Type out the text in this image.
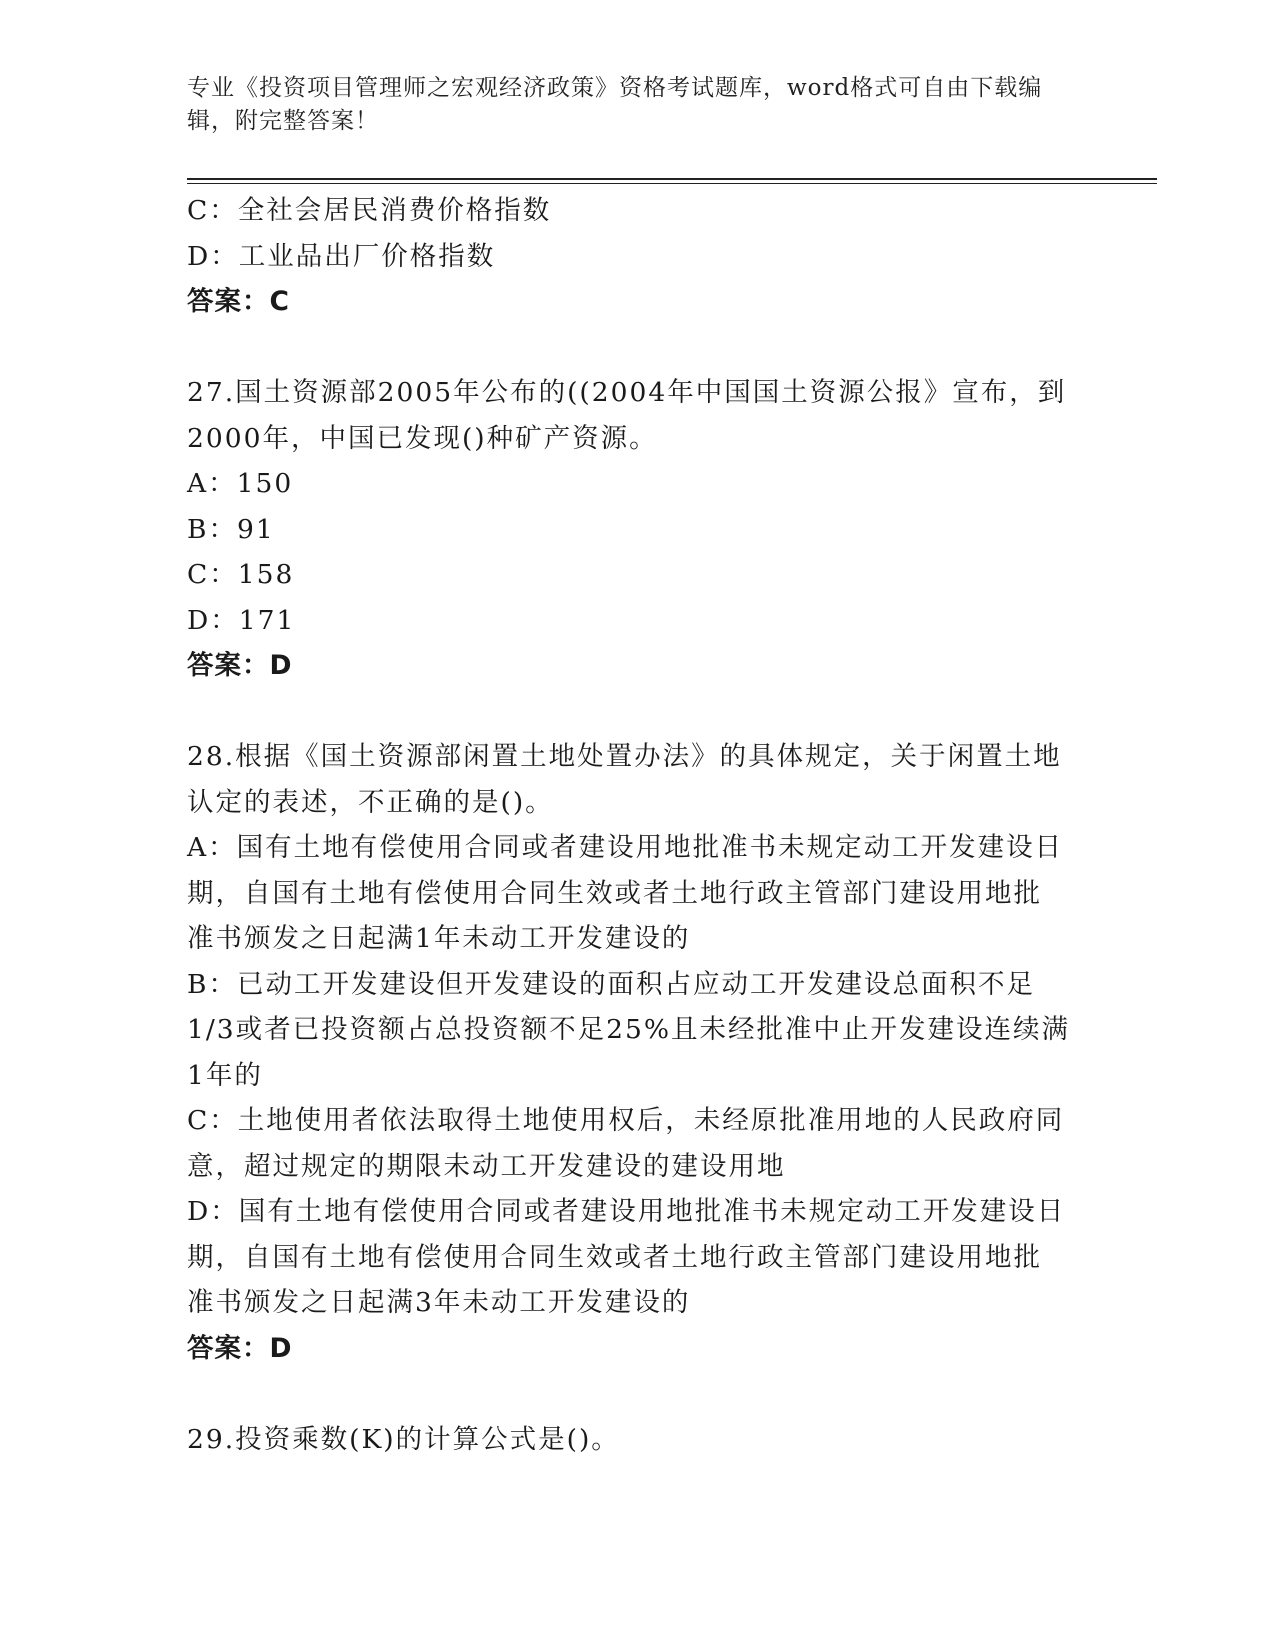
专业《投资项目管理师之宏观经济政策》资格考试题库，word格式可自由下载编
辑，附完整答案！

C：全社会居民消费价格指数

D：工业品出厂价格指数

答案：C

27.国土资源部2005年公布的((2004年中国国土资源公报》宣布，到

2000年，中国已发现()种矿产资源。

A：150

B：91

C：158

D：171

答案：D

28.根据《国土资源部闲置土地处置办法》的具体规定，关于闲置土地

认定的表述，不正确的是()。

A：国有土地有偿使用合同或者建设用地批准书未规定动工开发建设日

期，自国有土地有偿使用合同生效或者土地行政主管部门建设用地批

准书颁发之日起满1年未动工开发建设的

B：已动工开发建设但开发建设的面积占应动工开发建设总面积不足

1/3或者已投资额占总投资额不足25%且未经批准中止开发建设连续满

1年的

C：土地使用者依法取得土地使用权后，未经原批准用地的人民政府同

意，超过规定的期限未动工开发建设的建设用地

D：国有土地有偿使用合同或者建设用地批准书未规定动工开发建设日

期，自国有土地有偿使用合同生效或者土地行政主管部门建设用地批

准书颁发之日起满3年未动工开发建设的

答案：D

29.投资乘数(K)的计算公式是()。
